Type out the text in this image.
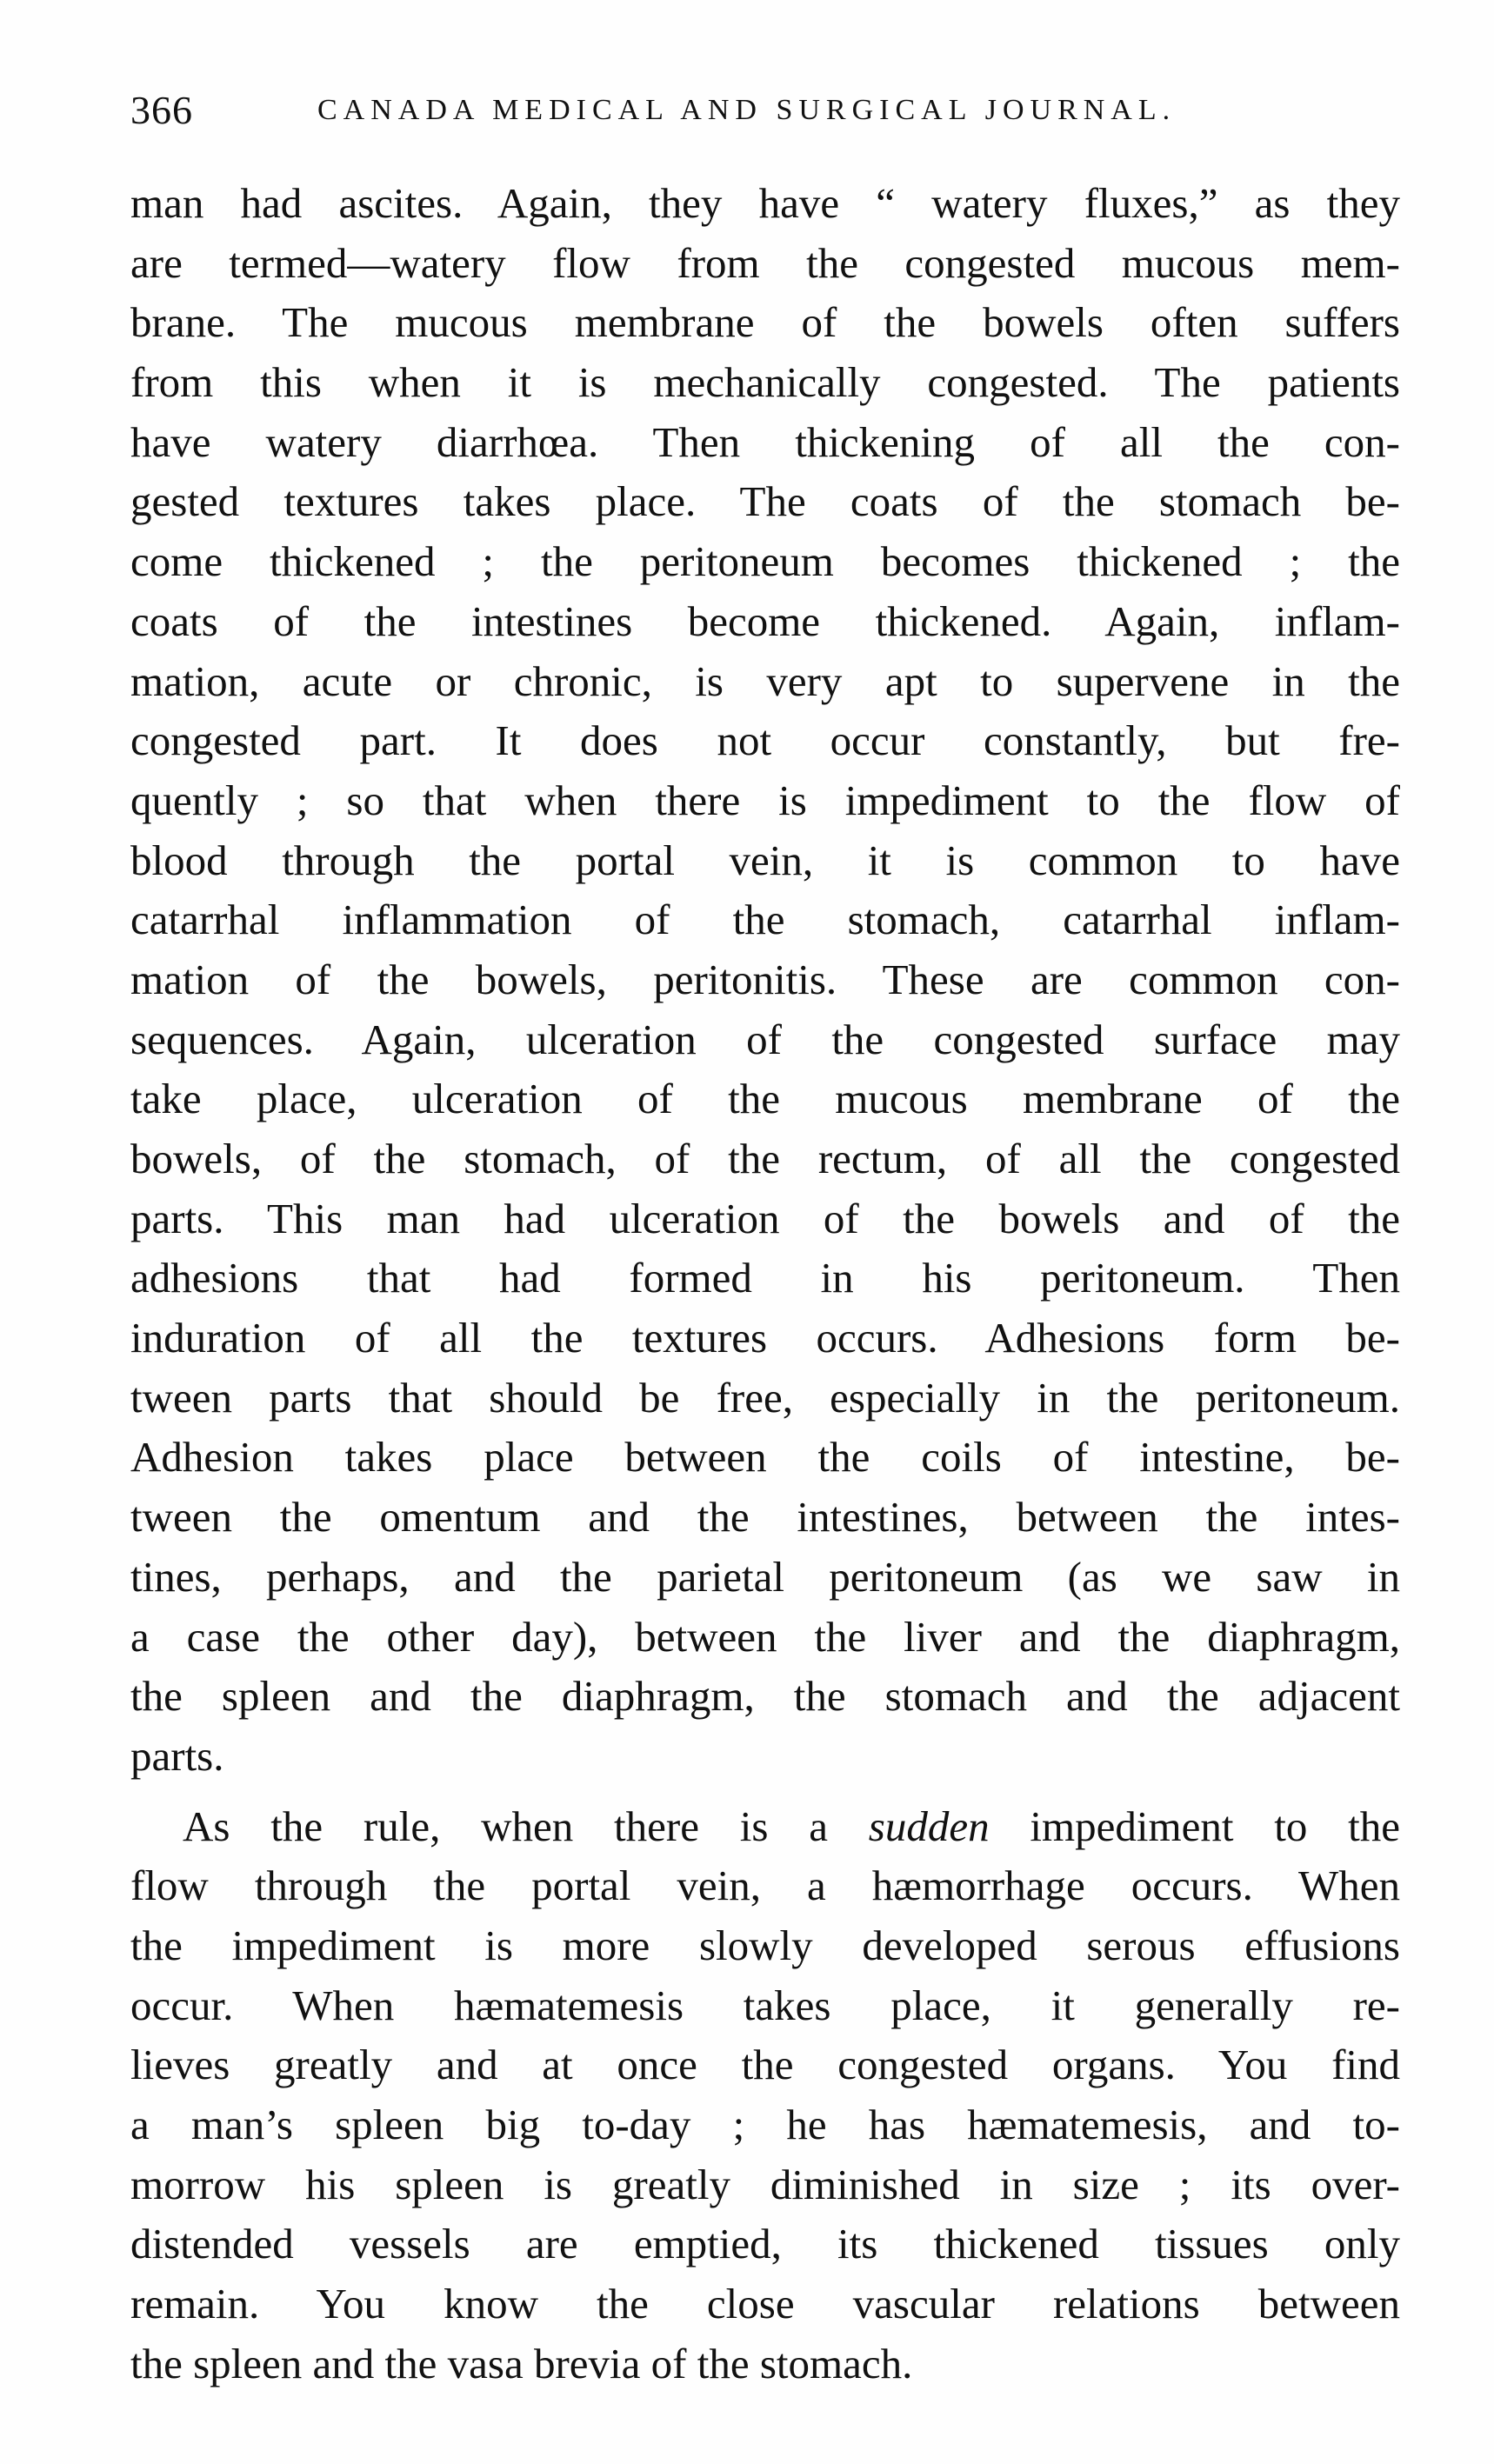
366	CANADA MEDICAL AND SURGICAL JOURNAL.
man had ascites. Again, they have “ watery fluxes,” as they
are termed—watery flow from the congested mucous mem-
brane. The mucous membrane of the bowels often suffers
from this when it is mechanically congested. The patients
have watery diarrhœa. Then thickening of all the con-
gested textures takes place. The coats of the stomach be-
come thickened ; the peritoneum becomes thickened ; the
coats of the intestines become thickened. Again, inflam-
mation, acute or chronic, is very apt to supervene in the
congested part. It does not occur constantly, but fre-
quently ; so that when there is impediment to the flow of
blood through the portal vein, it is common to have
catarrhal inflammation of the stomach, catarrhal inflam-
mation of the bowels, peritonitis. These are common con-
sequences. Again, ulceration of the congested surface may
take place, ulceration of the mucous membrane of the
bowels, of the stomach, of the rectum, of all the congested
parts. This man had ulceration of the bowels and of the
adhesions that had formed in his peritoneum. Then
induration of all the textures occurs. Adhesions form be-
tween parts that should be free, especially in the peritoneum.
Adhesion takes place between the coils of intestine, be-
tween the omentum and the intestines, between the intes-
tines, perhaps, and the parietal peritoneum (as we saw in
a case the other day), between the liver and the diaphragm,
the spleen and the diaphragm, the stomach and the adjacent
parts.
As the rule, when there is a sudden impediment to the
flow through the portal vein, a hæmorrhage occurs. When
the impediment is more slowly developed serous effusions
occur. When hæmatemesis takes place, it generally re-
lieves greatly and at once the congested organs. You find
a man’s spleen big to-day ; he has hæmatemesis, and to-
morrow his spleen is greatly diminished in size ; its over-
distended vessels are emptied, its thickened tissues only
remain. You know the close vascular relations between
the spleen and the vasa brevia of the stomach.
